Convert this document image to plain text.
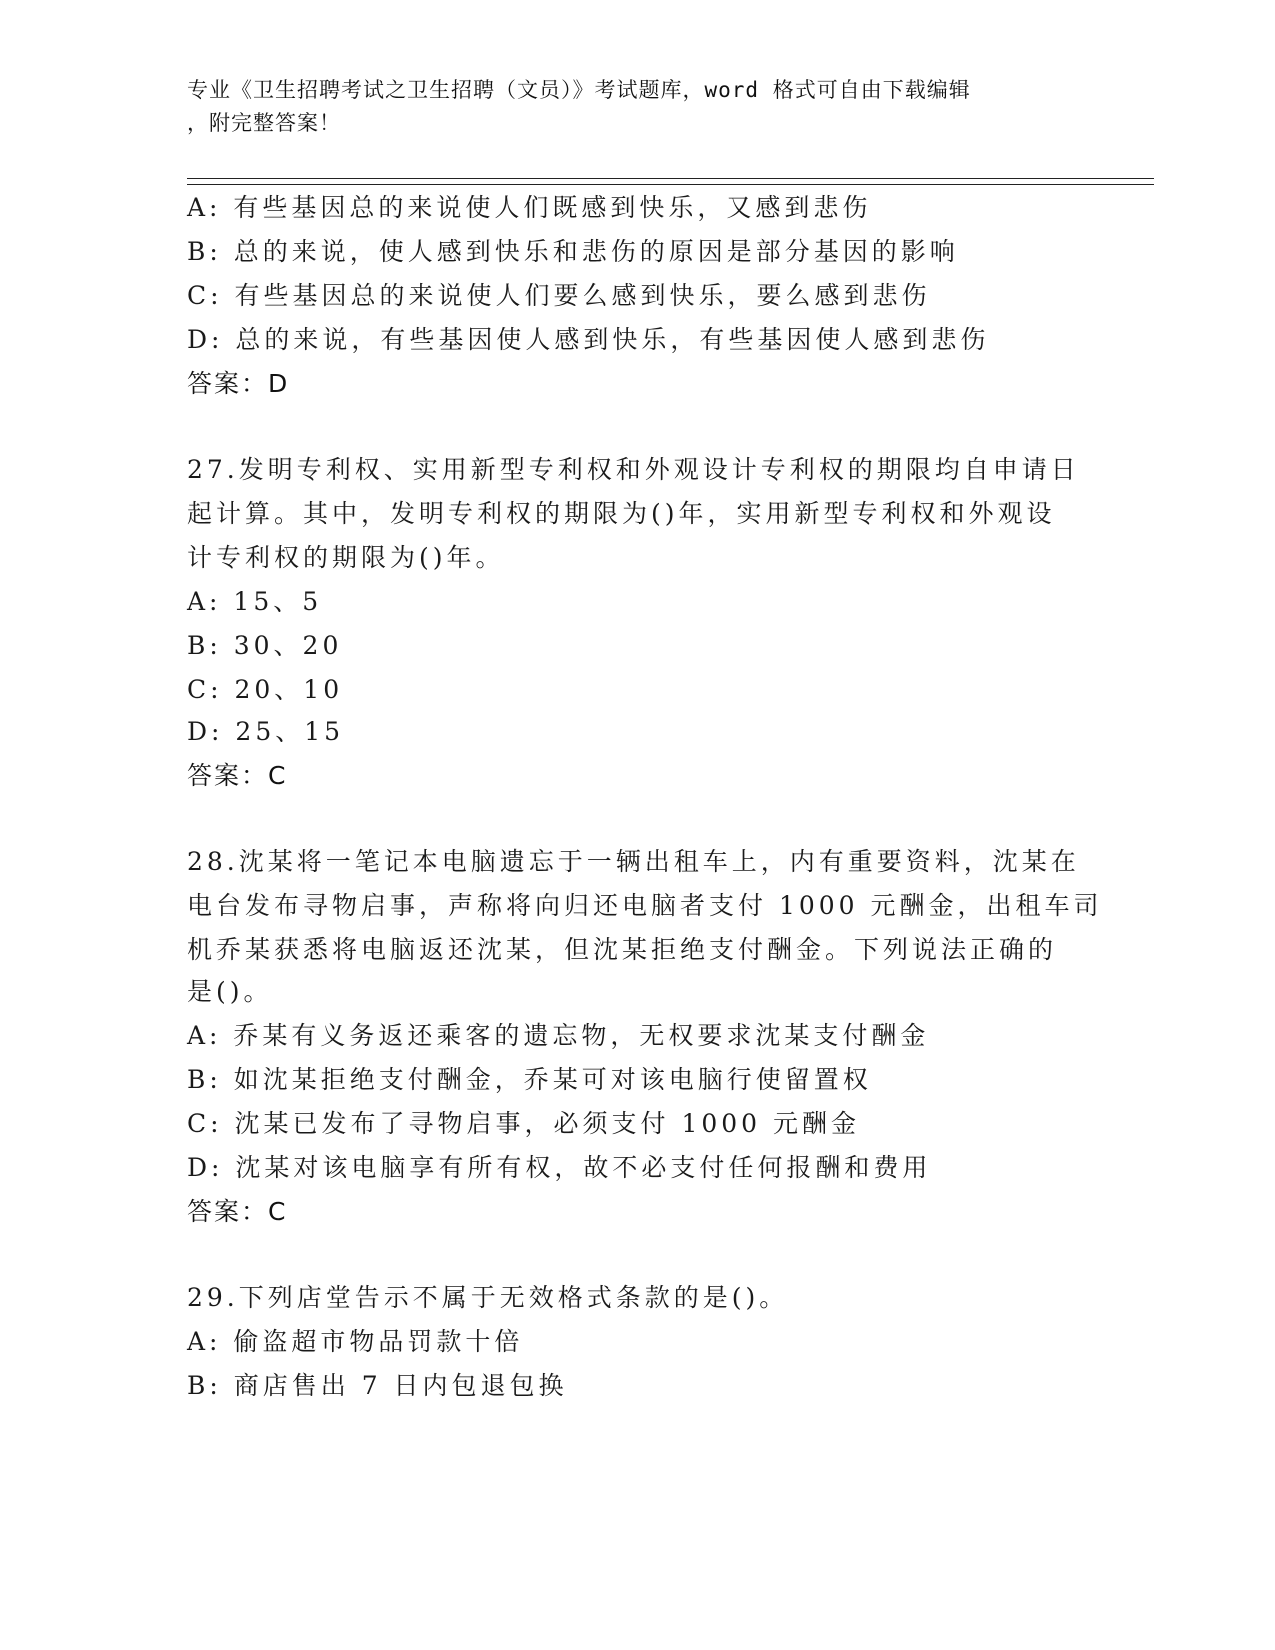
专业《卫生招聘考试之卫生招聘（文员）》考试题库，word 格式可自由下载编辑
，附完整答案！
A: 有些基因总的来说使人们既感到快乐，又感到悲伤
B: 总的来说，使人感到快乐和悲伤的原因是部分基因的影响
C: 有些基因总的来说使人们要么感到快乐，要么感到悲伤
D: 总的来说，有些基因使人感到快乐，有些基因使人感到悲伤
答案：D
27.发明专利权、实用新型专利权和外观设计专利权的期限均自申请日
起计算。其中，发明专利权的期限为()年，实用新型专利权和外观设
计专利权的期限为()年。
A: 15、5
B: 30、20
C: 20、10
D: 25、15
答案：C
28.沈某将一笔记本电脑遗忘于一辆出租车上，内有重要资料，沈某在
电台发布寻物启事，声称将向归还电脑者支付 1000 元酬金，出租车司
机乔某获悉将电脑返还沈某，但沈某拒绝支付酬金。下列说法正确的
是()。
A: 乔某有义务返还乘客的遗忘物，无权要求沈某支付酬金
B: 如沈某拒绝支付酬金，乔某可对该电脑行使留置权
C: 沈某已发布了寻物启事，必须支付 1000 元酬金
D: 沈某对该电脑享有所有权，故不必支付任何报酬和费用
答案：C
29.下列店堂告示不属于无效格式条款的是()。
A: 偷盗超市物品罚款十倍
B: 商店售出 7 日内包退包换
